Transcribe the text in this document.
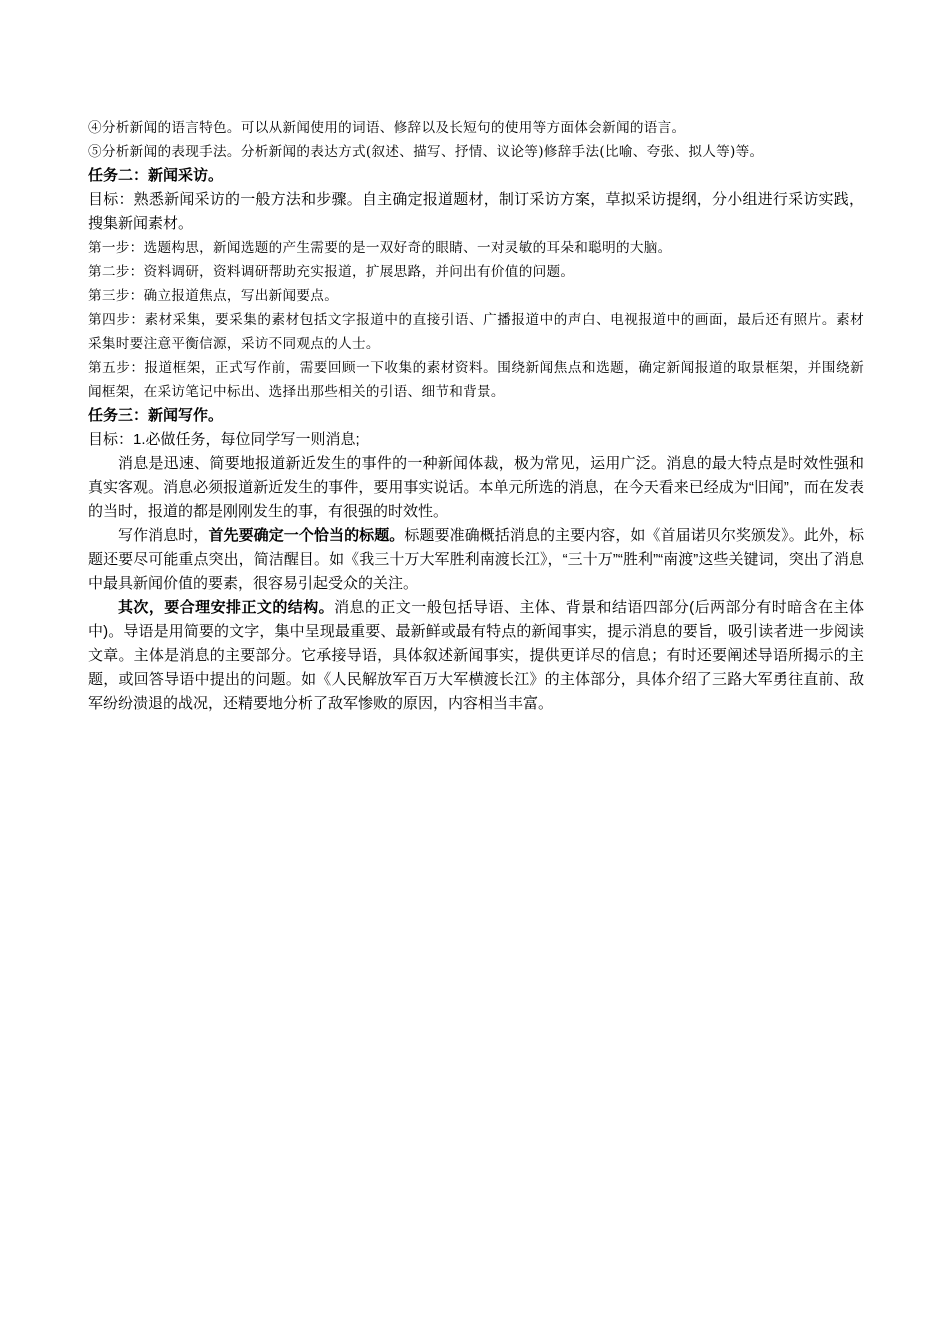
④分析新闻的语言特色。可以从新闻使用的词语、修辞以及长短句的使用等方面体会新闻的语言。

⑤分析新闻的表现手法。分析新闻的表达方式(叙述、描写、抒情、议论等)修辞手法(比喻、夸张、拟人等)等。

任务二：新闻采访。

目标：熟悉新闻采访的一般方法和步骤。自主确定报道题材，制订采访方案，草拟采访提纲，分小组进行采访实践，搜集新闻素材。

第一步：选题构思，新闻选题的产生需要的是一双好奇的眼睛、一对灵敏的耳朵和聪明的大脑。

第二步：资料调研，资料调研帮助充实报道，扩展思路，并问出有价值的问题。

第三步：确立报道焦点，写出新闻要点。

第四步：素材采集，要采集的素材包括文字报道中的直接引语、广播报道中的声白、电视报道中的画面，最后还有照片。素材采集时要注意平衡信源，采访不同观点的人士。

第五步：报道框架，正式写作前，需要回顾一下收集的素材资料。围绕新闻焦点和选题，确定新闻报道的取景框架，并围绕新闻框架，在采访笔记中标出、选择出那些相关的引语、细节和背景。

任务三：新闻写作。

目标：1.必做任务，每位同学写一则消息;

消息是迅速、简要地报道新近发生的事件的一种新闻体裁，极为常见，运用广泛。消息的最大特点是时效性强和真实客观。消息必须报道新近发生的事件，要用事实说话。本单元所选的消息，在今天看来已经成为“旧闻”，而在发表的当时，报道的都是刚刚发生的事，有很强的时效性。

写作消息时，首先要确定一个恰当的标题。标题要准确概括消息的主要内容，如《首届诺贝尔奖颁发》。此外，标题还要尽可能重点突出，简洁醒目。如《我三十万大军胜利南渡长江》，“三十万”“胜利”“南渡”这些关键词，突出了消息中最具新闻价值的要素，很容易引起受众的关注。

其次，要合理安排正文的结构。消息的正文一般包括导语、主体、背景和结语四部分(后两部分有时暗含在主体中)。导语是用简要的文字，集中呈现最重要、最新鲜或最有特点的新闻事实，提示消息的要旨，吸引读者进一步阅读文章。主体是消息的主要部分。它承接导语，具体叙述新闻事实，提供更详尽的信息；有时还要阐述导语所揭示的主题，或回答导语中提出的问题。如《人民解放军百万大军横渡长江》的主体部分，具体介绍了三路大军勇往直前、敌军纷纷溃退的战况，还精要地分析了敌军惨败的原因，内容相当丰富。
